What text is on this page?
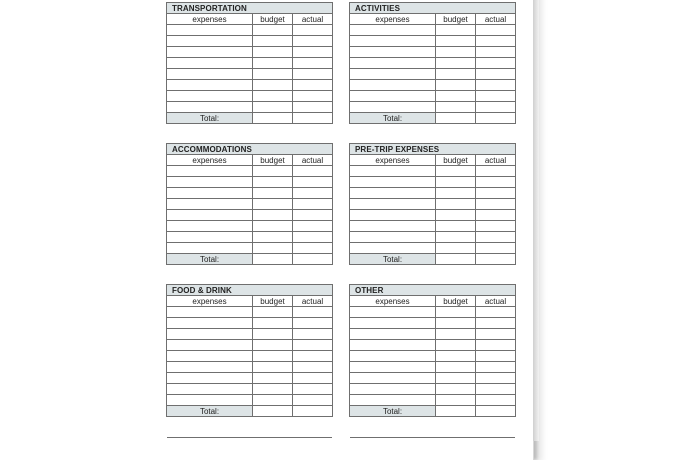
TRANSPORTATION		
expenses	budget	actual

Total:		
ACTIVITIES		
expenses	budget	actual

Total:		
ACCOMMODATIONS		
expenses	budget	actual

Total:		
PRE-TRIP EXPENSES		
expenses	budget	actual

Total:		
FOOD & DRINK		
expenses	budget	actual

Total:		
OTHER		
expenses	budget	actual

Total:		
